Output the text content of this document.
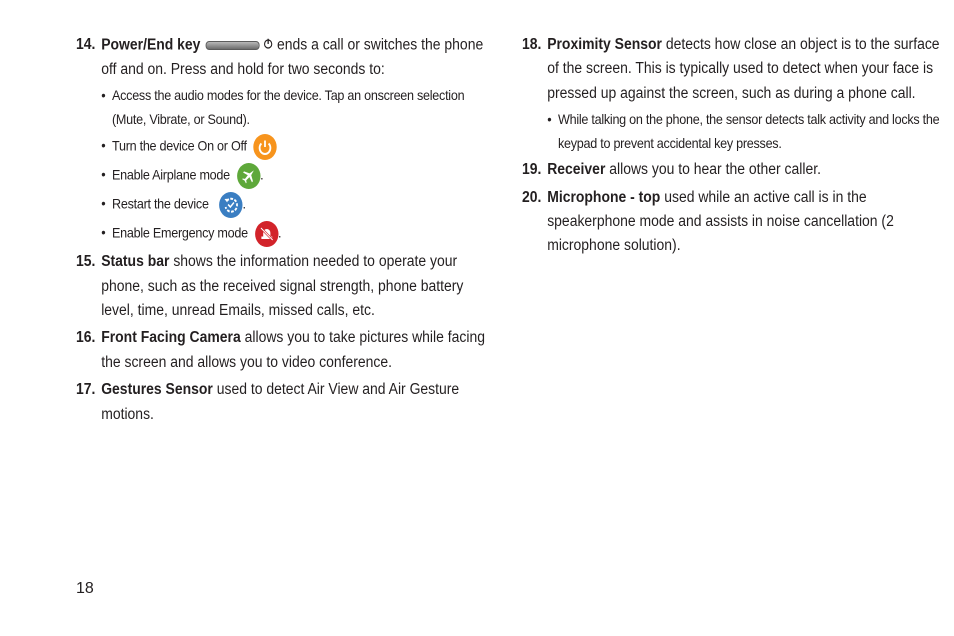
14. Power/End key	ends a call or switches the phone off and on. Press and hold for two seconds to:
• Access the audio modes for the device. Tap an onscreen selection (Mute, Vibrate, or Sound).
• Turn the device On or Off
• Enable Airplane mode .
• Restart the device .
• Enable Emergency mode .
15. Status bar shows the information needed to operate your phone, such as the received signal strength, phone battery level, time, unread Emails, missed calls, etc.
16. Front Facing Camera allows you to take pictures while facing the screen and allows you to video conference.
17. Gestures Sensor used to detect Air View and Air Gesture motions.
18. Proximity Sensor detects how close an object is to the surface of the screen. This is typically used to detect when your face is pressed up against the screen, such as during a phone call.
• While talking on the phone, the sensor detects talk activity and locks the keypad to prevent accidental key presses.
19. Receiver allows you to hear the other caller.
20. Microphone - top used while an active call is in the speakerphone mode and assists in noise cancellation (2 microphone solution).
18
